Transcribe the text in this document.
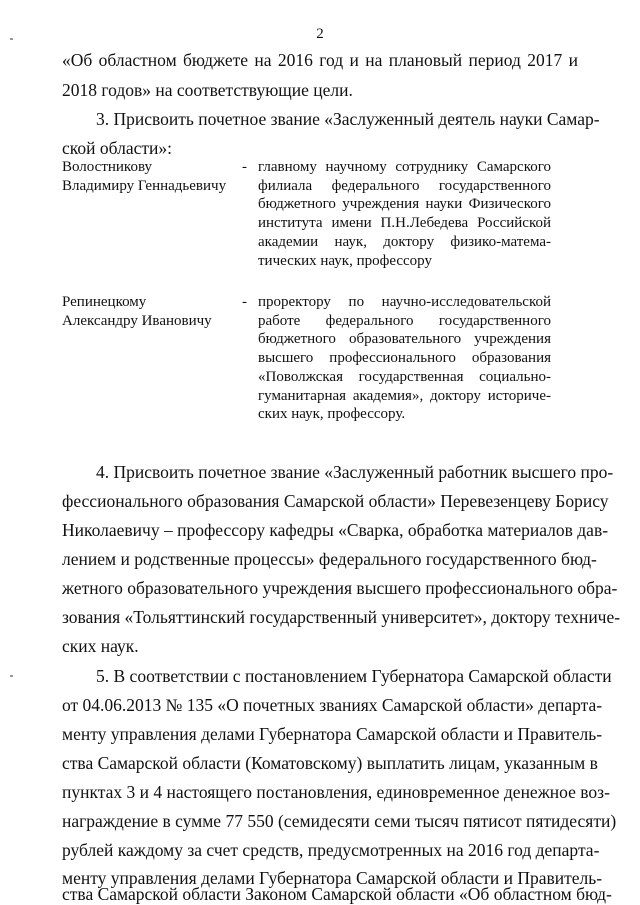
2
«Об областном бюджете на 2016 год и на плановый период 2017 и
2018 годов» на соответствующие цели.
3. Присвоить почетное звание «Заслуженный деятель науки Самар-
ской области»:
Волостникову
Владимиру Геннадьевичу
- главному научному сотруднику Самарского
филиала федерального государственного
бюджетного учреждения науки Физического
института имени П.Н.Лебедева Российской
академии наук, доктору физико-матема-
тических наук, профессору
Репинецкому
Александру Ивановичу
- проректору по научно-исследовательской
работе федерального государственного
бюджетного образовательного учреждения
высшего профессионального образования
«Поволжская государственная социально-
гуманитарная академия», доктору историче-
ских наук, профессору.
4. Присвоить почетное звание «Заслуженный работник высшего про-
фессионального образования Самарской области» Перевезенцеву Борису
Николаевичу – профессору кафедры «Сварка, обработка материалов дав-
лением и родственные процессы» федерального государственного бюд-
жетного образовательного учреждения высшего профессионального обра-
зования «Тольяттинский государственный университет», доктору техниче-
ских наук.
5. В соответствии с постановлением Губернатора Самарской области
от 04.06.2013 № 135 «О почетных званиях Самарской области» департа-
менту управления делами Губернатора Самарской области и Правитель-
ства Самарской области (Коматовскому) выплатить лицам, указанным в
пунктах 3 и 4 настоящего постановления, единовременное денежное воз-
награждение в сумме 77 550 (семидесяти семи тысяч пятисот пятидесяти)
рублей каждому за счет средств, предусмотренных на 2016 год департа-
менту управления делами Губернатора Самарской области и Правитель-
ства Самарской области Законом Самарской области «Об областном бюд-
